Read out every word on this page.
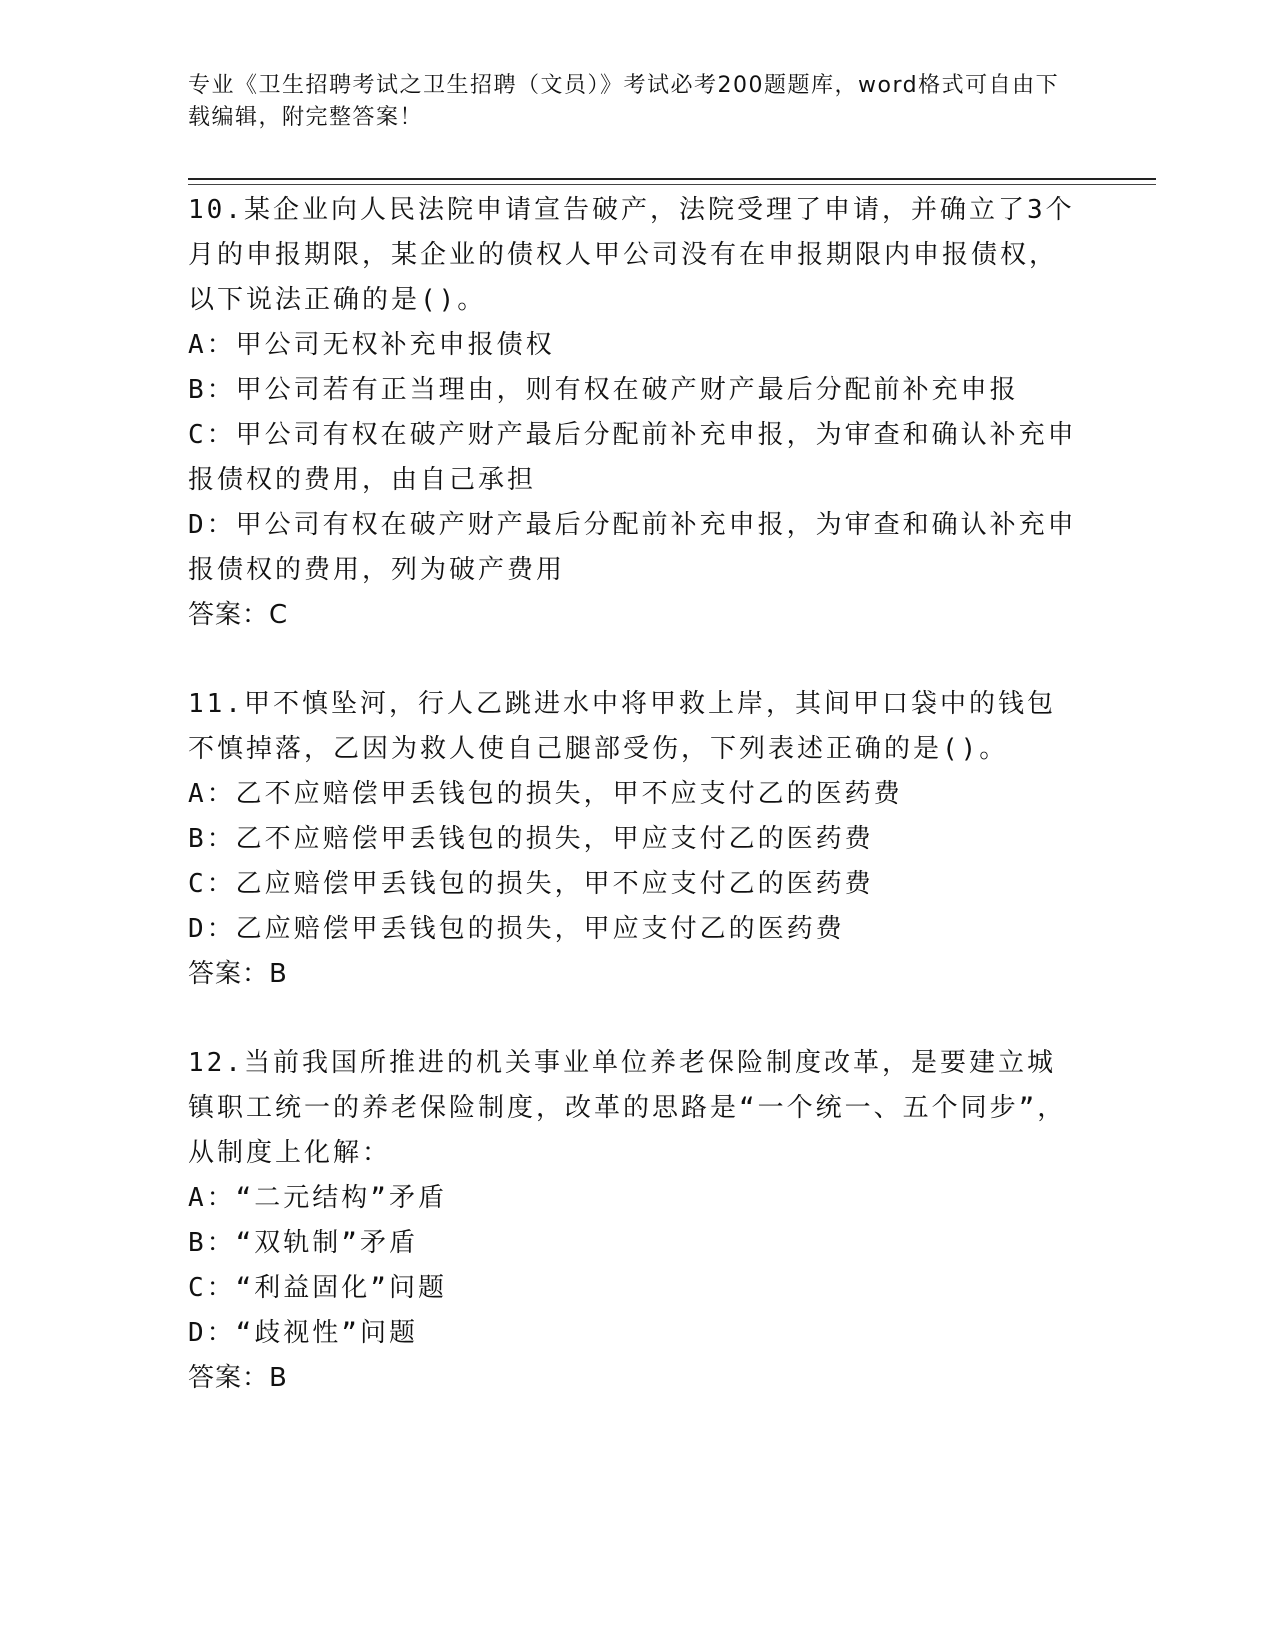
专业《卫生招聘考试之卫生招聘（文员）》考试必考200题题库，word格式可自由下载编辑，附完整答案！

10.某企业向人民法院申请宣告破产，法院受理了申请，并确立了3个月的申报期限，某企业的债权人甲公司没有在申报期限内申报债权，以下说法正确的是()。

A：甲公司无权补充申报债权

B：甲公司若有正当理由，则有权在破产财产最后分配前补充申报

C：甲公司有权在破产财产最后分配前补充申报，为审查和确认补充申报债权的费用，由自己承担

D：甲公司有权在破产财产最后分配前补充申报，为审查和确认补充申报债权的费用，列为破产费用

答案：C

11.甲不慎坠河，行人乙跳进水中将甲救上岸，其间甲口袋中的钱包不慎掉落，乙因为救人使自己腿部受伤，下列表述正确的是()。

A：乙不应赔偿甲丢钱包的损失，甲不应支付乙的医药费

B：乙不应赔偿甲丢钱包的损失，甲应支付乙的医药费

C：乙应赔偿甲丢钱包的损失，甲不应支付乙的医药费

D：乙应赔偿甲丢钱包的损失，甲应支付乙的医药费

答案：B

12.当前我国所推进的机关事业单位养老保险制度改革，是要建立城镇职工统一的养老保险制度，改革的思路是“一个统一、五个同步”，从制度上化解：

A：“二元结构”矛盾

B：“双轨制”矛盾

C：“利益固化”问题

D：“歧视性”问题

答案：B
